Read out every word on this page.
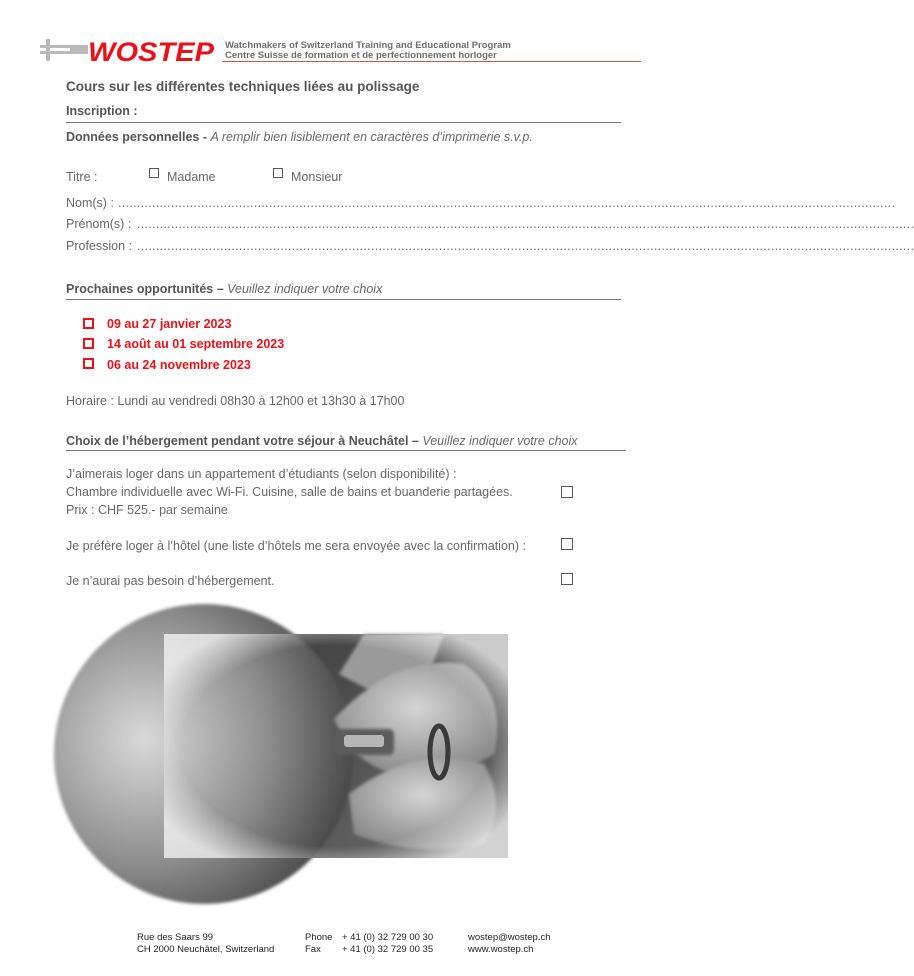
WOSTEP Watchmakers of Switzerland Training and Educational Program
Centre Suisse de formation et de perfectionnement horloger
Cours sur les différentes techniques liées au polissage
Inscription :
Données personnelles - A remplir bien lisiblement en caractères d’imprimerie s.v.p.
Titre :	Madame	Monsieur
Nom(s) : ..............................................................................................................................................................................................................
Prénom(s) : ..............................................................................................................................................................................................................
Profession : ..............................................................................................................................................................................................................
Prochaines opportunités – Veuillez indiquer votre choix
09 au 27 janvier 2023
14 août au 01 septembre 2023
06 au 24 novembre 2023
Horaire : Lundi au vendredi 08h30 à 12h00 et 13h30 à 17h00
Choix de l’hébergement pendant votre séjour à Neuchâtel – Veuillez indiquer votre choix
J’aimerais loger dans un appartement d’étudiants (selon disponibilité) :
Chambre individuelle avec Wi-Fi. Cuisine, salle de bains et buanderie partagées.
Prix : CHF 525.- par semaine
Je préfère loger à l’hôtel (une liste d’hôtels me sera envoyée avec la confirmation) :
Je n’aurai pas besoin d’hébergement.
Rue des Saars 99
CH 2000 Neuchâtel, Switzerland
Phone + 41 (0) 32 729 00 30
Fax + 41 (0) 32 729 00 35
wostep@wostep.ch
www.wostep.ch
